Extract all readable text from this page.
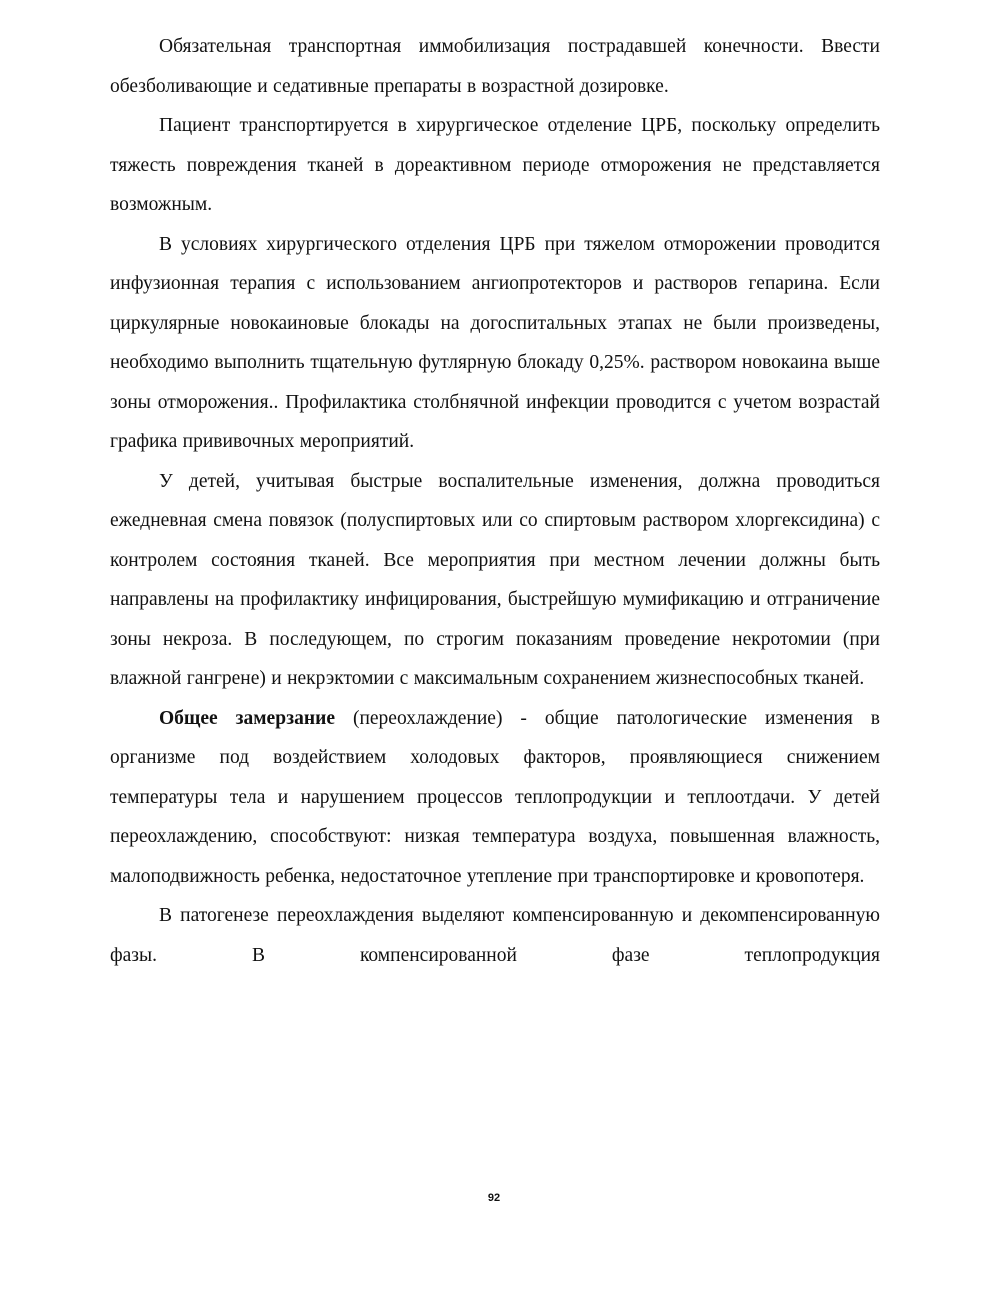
Обязательная транспортная иммобилизация пострадавшей конечности. Ввести обезболивающие и седативные препараты в возрастной дозировке.

Пациент транспортируется в хирургическое отделение ЦРБ, поскольку определить тяжесть повреждения тканей в дореактивном периоде отморожения не представляется возможным.

В условиях хирургического отделения ЦРБ при тяжелом отморожении проводится инфузионная терапия с использованием ангиопротекторов и растворов гепарина. Если циркулярные новокаиновые блокады на догоспитальных этапах не были произведены, необходимо выполнить тщательную футлярную блокаду 0,25%. раствором новокаина выше зоны отморожения.. Профилактика столбнячной инфекции проводится с учетом возрастай графика прививочных мероприятий.

У детей, учитывая быстрые воспалительные изменения, должна проводиться ежедневная смена повязок (полуспиртовых или со спиртовым раствором хлоргексидина) с контролем состояния тканей. Все мероприятия при местном лечении должны быть направлены на профилактику инфицирования, быстрейшую мумификацию и отграничение зоны некроза. В последующем, по строгим показаниям проведение некротомии (при влажной гангрене) и некрэктомии с максимальным сохранением жизнеспособных тканей.

Общее замерзание (переохлаждение) - общие патологические изменения в организме под воздействием холодовых факторов, проявляющиеся снижением температуры тела и нарушением процессов теплопродукции и теплоотдачи. У детей переохлаждению, способствуют: низкая температура воздуха, повышенная влажность, малоподвижность ребенка, недостаточное утепление при транспортировке и кровопотеря.

В патогенезе переохлаждения выделяют компенсированную и декомпенсированную фазы. В компенсированной фазе теплопродукция

92
